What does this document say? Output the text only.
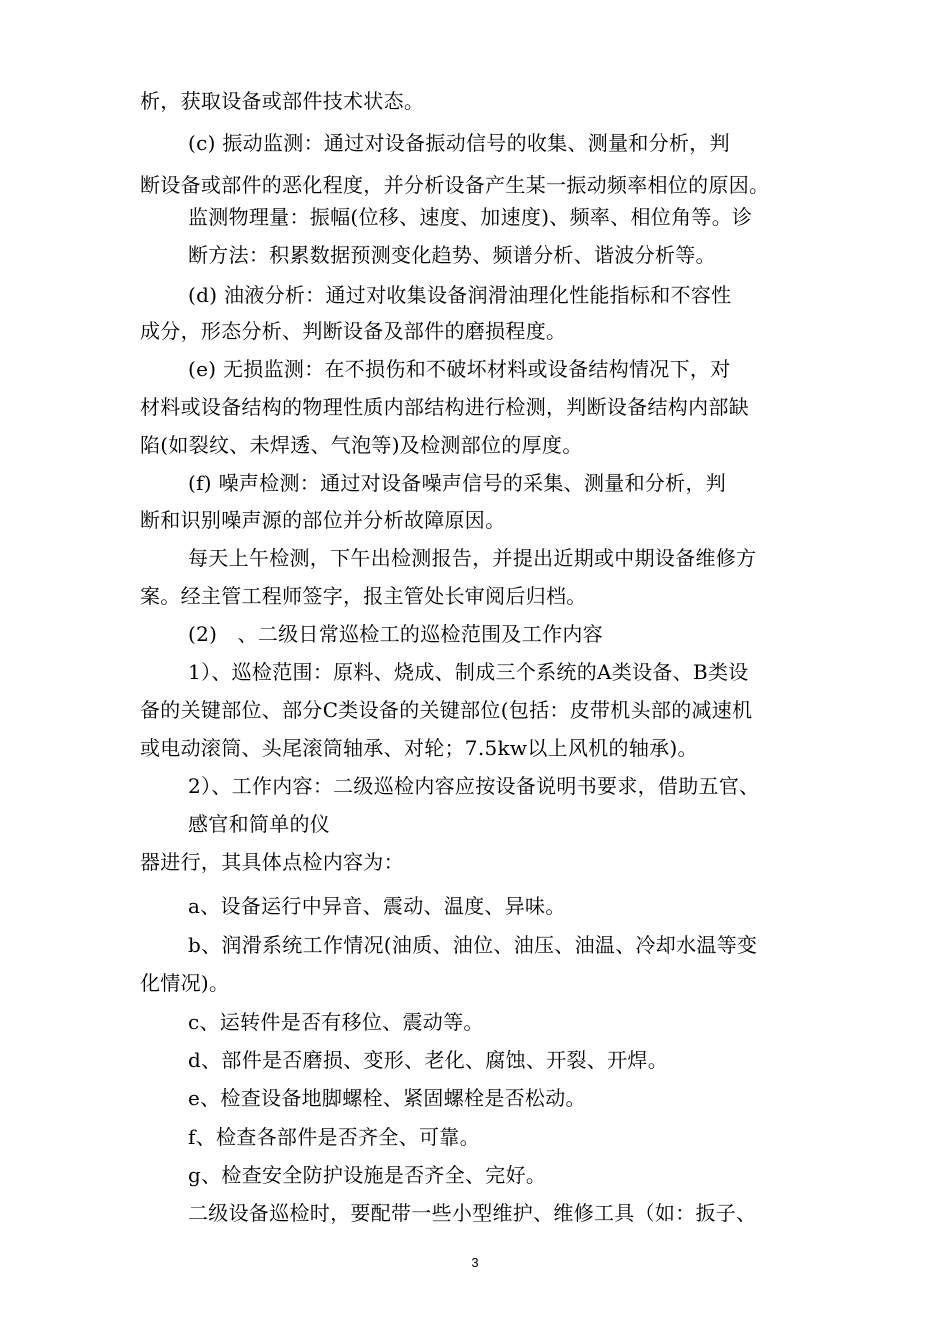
析，获取设备或部件技术状态。
(c) 振动监测：通过对设备振动信号的收集、测量和分析，判
断设备或部件的恶化程度，并分析设备产生某一振动频率相位的原因。
监测物理量：振幅(位移、速度、加速度)、频率、相位角等。诊
断方法：积累数据预测变化趋势、频谱分析、谐波分析等。
(d) 油液分析：通过对收集设备润滑油理化性能指标和不容性
成分，形态分析、判断设备及部件的磨损程度。
(e) 无损监测：在不损伤和不破坏材料或设备结构情况下，对
材料或设备结构的物理性质内部结构进行检测，判断设备结构内部缺
陷(如裂纹、未焊透、气泡等)及检测部位的厚度。
(f) 噪声检测：通过对设备噪声信号的采集、测量和分析，判
断和识别噪声源的部位并分析故障原因。
每天上午检测，下午出检测报告，并提出近期或中期设备维修方
案。经主管工程师签字，报主管处长审阅后归档。
(2)　、二级日常巡检工的巡检范围及工作内容
1）、巡检范围：原料、烧成、制成三个系统的A类设备、B类设
备的关键部位、部分C类设备的关键部位(包括：皮带机头部的减速机
或电动滚筒、头尾滚筒轴承、对轮；7.5kw以上风机的轴承)。
2）、工作内容：二级巡检内容应按设备说明书要求，借助五官、
感官和简单的仪
器进行，其具体点检内容为：
a、设备运行中异音、震动、温度、异味。
b、润滑系统工作情况(油质、油位、油压、油温、冷却水温等变
化情况)。
c、运转件是否有移位、震动等。
d、部件是否磨损、变形、老化、腐蚀、开裂、开焊。
e、检查设备地脚螺栓、紧固螺栓是否松动。
f、检查各部件是否齐全、可靠。
g、检查安全防护设施是否齐全、完好。
二级设备巡检时，要配带一些小型维护、维修工具（如：扳子、
3
